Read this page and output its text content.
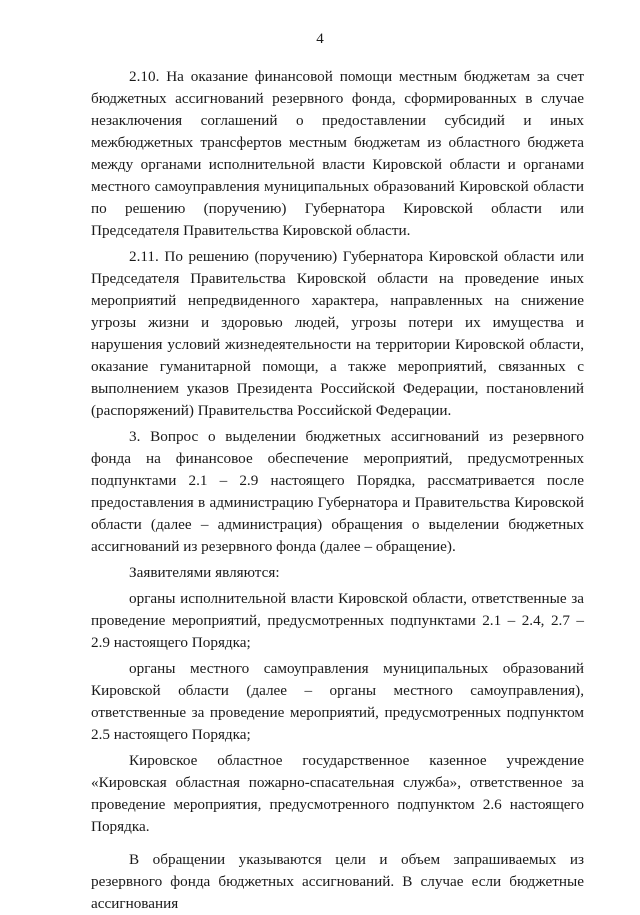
4

2.10. На оказание финансовой помощи местным бюджетам за счет бюджетных ассигнований резервного фонда, сформированных в случае незаключения соглашений о предоставлении субсидий и иных межбюджетных трансфертов местным бюджетам из областного бюджета между органами исполнительной власти Кировской области и органами местного самоуправления муниципальных образований Кировской области по решению (поручению) Губернатора Кировской области или Председателя Правительства Кировской области.

2.11. По решению (поручению) Губернатора Кировской области или Председателя Правительства Кировской области на проведение иных мероприятий непредвиденного характера, направленных на снижение угрозы жизни и здоровью людей, угрозы потери их имущества и нарушения условий жизнедеятельности на территории Кировской области, оказание гуманитарной помощи, а также мероприятий, связанных с выполнением указов Президента Российской Федерации, постановлений (распоряжений) Правительства Российской Федерации.

3. Вопрос о выделении бюджетных ассигнований из резервного фонда на финансовое обеспечение мероприятий, предусмотренных подпунктами 2.1 – 2.9 настоящего Порядка, рассматривается после предоставления в администрацию Губернатора и Правительства Кировской области (далее – администрация) обращения о выделении бюджетных ассигнований из резервного фонда (далее – обращение).

Заявителями являются:

органы исполнительной власти Кировской области, ответственные за проведение мероприятий, предусмотренных подпунктами 2.1 – 2.4, 2.7 – 2.9 настоящего Порядка;

органы местного самоуправления муниципальных образований Кировской области (далее – органы местного самоуправления), ответственные за проведение мероприятий, предусмотренных подпунктом 2.5 настоящего Порядка;

Кировское областное государственное казенное учреждение «Кировская областная пожарно-спасательная служба», ответственное за проведение мероприятия, предусмотренного подпунктом 2.6 настоящего Порядка.

В обращении указываются цели и объем запрашиваемых из резервного фонда бюджетных ассигнований. В случае если бюджетные ассигнования
